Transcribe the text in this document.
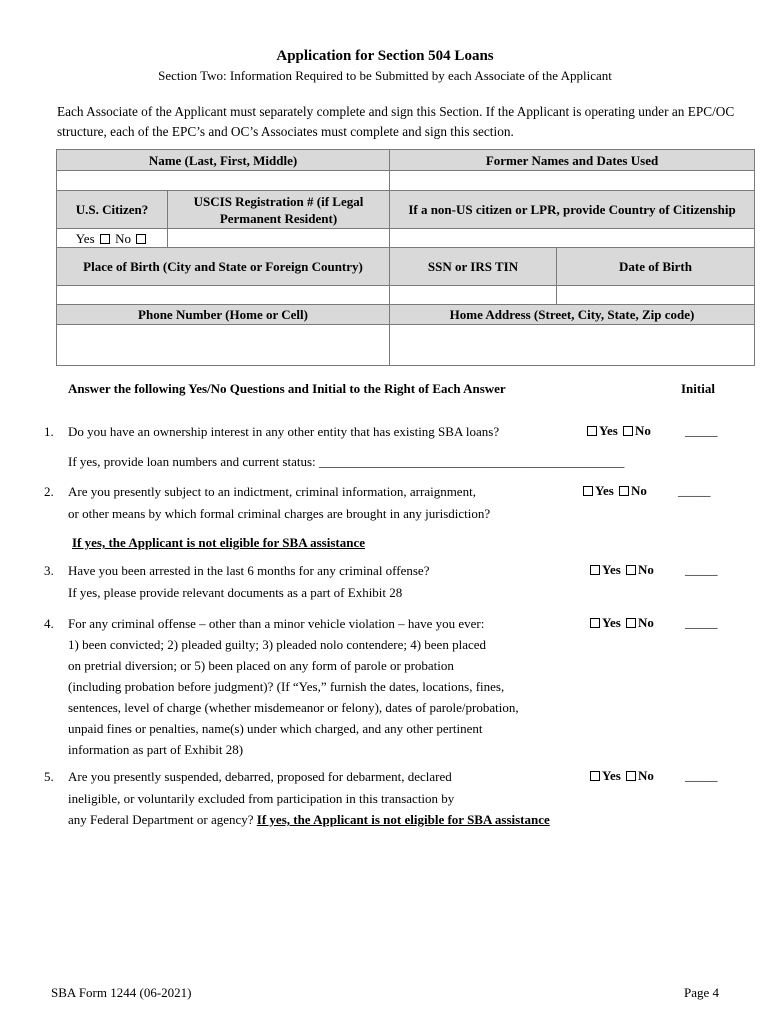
Application for Section 504 Loans
Section Two: Information Required to be Submitted by each Associate of the Applicant
Each Associate of the Applicant must separately complete and sign this Section. If the Applicant is operating under an EPC/OC structure, each of the EPC’s and OC’s Associates must complete and sign this section.
Name (Last, First, Middle)		Former Names and Dates Used	

U.S. Citizen?	USCIS Registration # (if Legal Permanent Resident)	If a non-US citizen or LPR, provide Country of Citizenship	
Yes No			
Place of Birth (City and State or Foreign Country)		SSN or IRS TIN	Date of Birth

Phone Number (Home or Cell)		Home Address (Street, City, State, Zip code)	

Answer the following Yes/No Questions and Initial to the Right of Each Answer	Initial
1. Do you have an ownership interest in any other entity that has existing SBA loans?	Yes No	_____
If yes, provide loan numbers and current status: _______________________________________________
2. Are you presently subject to an indictment, criminal information, arraignment,
or other means by which formal criminal charges are brought in any jurisdiction?
Yes No _____
If yes, the Applicant is not eligible for SBA assistance
3. Have you been arrested in the last 6 months for any criminal offense?
If yes, please provide relevant documents as a part of Exhibit 28
Yes No _____
4. For any criminal offense – other than a minor vehicle violation – have you ever:
1) been convicted; 2) pleaded guilty; 3) pleaded nolo contendere; 4) been placed
on pretrial diversion; or 5) been placed on any form of parole or probation
(including probation before judgment)? (If “Yes,” furnish the dates, locations, fines,
sentences, level of charge (whether misdemeanor or felony), dates of parole/probation,
unpaid fines or penalties, name(s) under which charged, and any other pertinent
information as part of Exhibit 28)
Yes No _____
5. Are you presently suspended, debarred, proposed for debarment, declared
ineligible, or voluntarily excluded from participation in this transaction by
any Federal Department or agency? If yes, the Applicant is not eligible for SBA assistance
Yes No _____
SBA Form 1244 (06-2021)	Page 4
